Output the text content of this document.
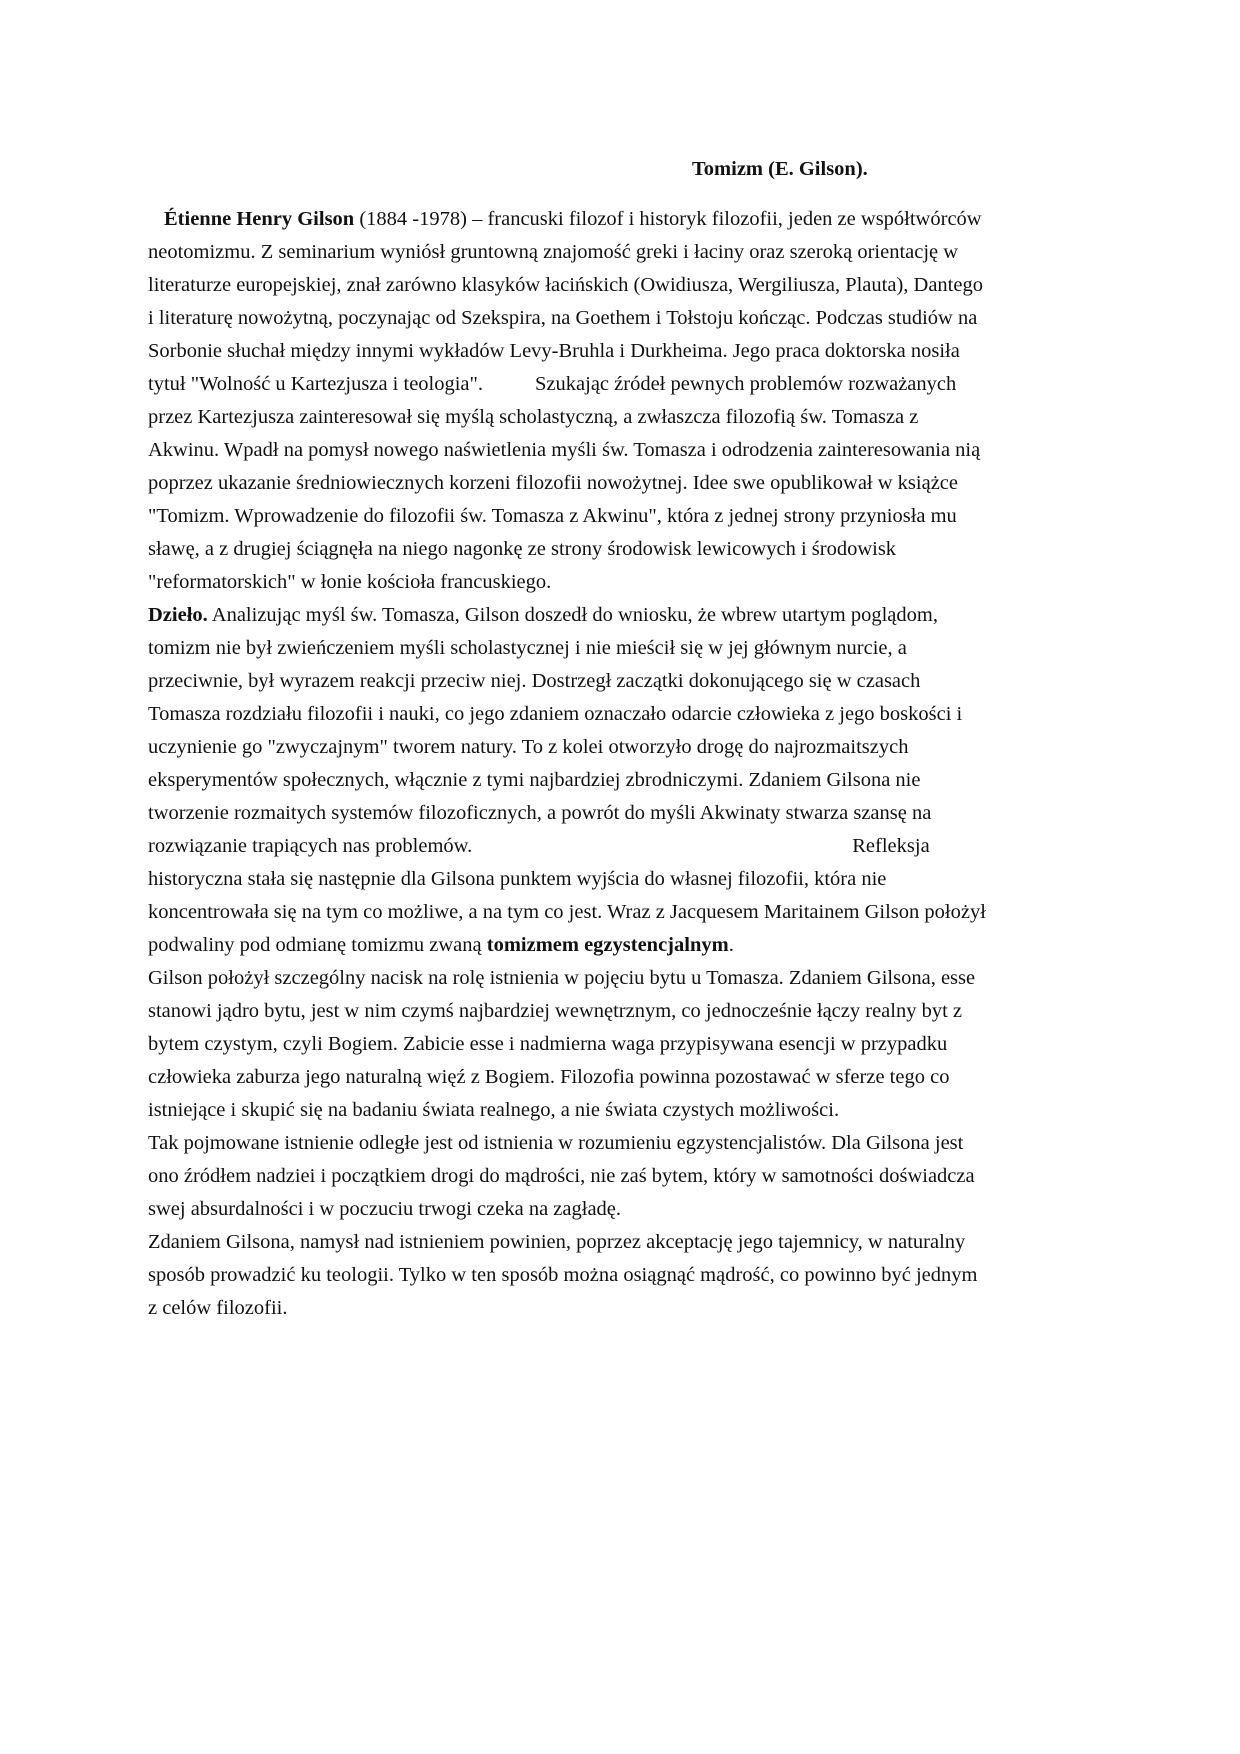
Tomizm (E. Gilson).

Étienne Henry Gilson (1884 -1978) – francuski filozof i historyk filozofii, jeden ze współtwórców

neotomizmu. Z seminarium wyniósł gruntowną znajomość greki i łaciny oraz szeroką orientację w

literaturze europejskiej, znał zarówno klasyków łacińskich (Owidiusza, Wergiliusza, Plauta), Dantego

i literaturę nowożytną, poczynając od Szekspira, na Goethem i Tołstoju kończąc. Podczas studiów na

Sorbonie słuchał między innymi wykładów Levy-Bruhla i Durkheima. Jego praca doktorska nosiła

tytuł "Wolność u Kartezjusza i teologia".	Szukając źródeł pewnych problemów rozważanych

przez Kartezjusza zainteresował się myślą scholastyczną, a zwłaszcza filozofią św. Tomasza z

Akwinu. Wpadł na pomysł nowego naświetlenia myśli św. Tomasza i odrodzenia zainteresowania nią

poprzez ukazanie średniowiecznych korzeni filozofii nowożytnej. Idee swe opublikował w książce

"Tomizm. Wprowadzenie do filozofii św. Tomasza z Akwinu", która z jednej strony przyniosła mu

sławę, a z drugiej ściągnęła na niego nagonkę ze strony środowisk lewicowych i środowisk

"reformatorskich" w łonie kościoła francuskiego.

Dzieło. Analizując myśl św. Tomasza, Gilson doszedł do wniosku, że wbrew utartym poglądom,

tomizm nie był zwieńczeniem myśli scholastycznej i nie mieścił się w jej głównym nurcie, a

przeciwnie, był wyrazem reakcji przeciw niej. Dostrzegł zaczątki dokonującego się w czasach

Tomasza rozdziału filozofii i nauki, co jego zdaniem oznaczało odarcie człowieka z jego boskości i

uczynienie go "zwyczajnym" tworem natury. To z kolei otworzyło drogę do najrozmaitszych

eksperymentów społecznych, włącznie z tymi najbardziej zbrodniczymi. Zdaniem Gilsona nie

tworzenie rozmaitych systemów filozoficznych, a powrót do myśli Akwinaty stwarza szansę na

rozwiązanie trapiących nas problemów.	Refleksja

historyczna stała się następnie dla Gilsona punktem wyjścia do własnej filozofii, która nie

koncentrowała się na tym co możliwe, a na tym co jest. Wraz z Jacquesem Maritainem Gilson położył

podwaliny pod odmianę tomizmu zwaną tomizmem egzystencjalnym.

Gilson położył szczególny nacisk na rolę istnienia w pojęciu bytu u Tomasza. Zdaniem Gilsona, esse

stanowi jądro bytu, jest w nim czymś najbardziej wewnętrznym, co jednocześnie łączy realny byt z

bytem czystym, czyli Bogiem. Zabicie esse i nadmierna waga przypisywana esencji w przypadku

człowieka zaburza jego naturalną więź z Bogiem. Filozofia powinna pozostawać w sferze tego co

istniejące i skupić się na badaniu świata realnego, a nie świata czystych możliwości.

Tak pojmowane istnienie odległe jest od istnienia w rozumieniu egzystencjalistów. Dla Gilsona jest

ono źródłem nadziei i początkiem drogi do mądrości, nie zaś bytem, który w samotności doświadcza

swej absurdalności i w poczuciu trwogi czeka na zagładę.

Zdaniem Gilsona, namysł nad istnieniem powinien, poprzez akceptację jego tajemnicy, w naturalny

sposób prowadzić ku teologii. Tylko w ten sposób można osiągnąć mądrość, co powinno być jednym

z celów filozofii.
